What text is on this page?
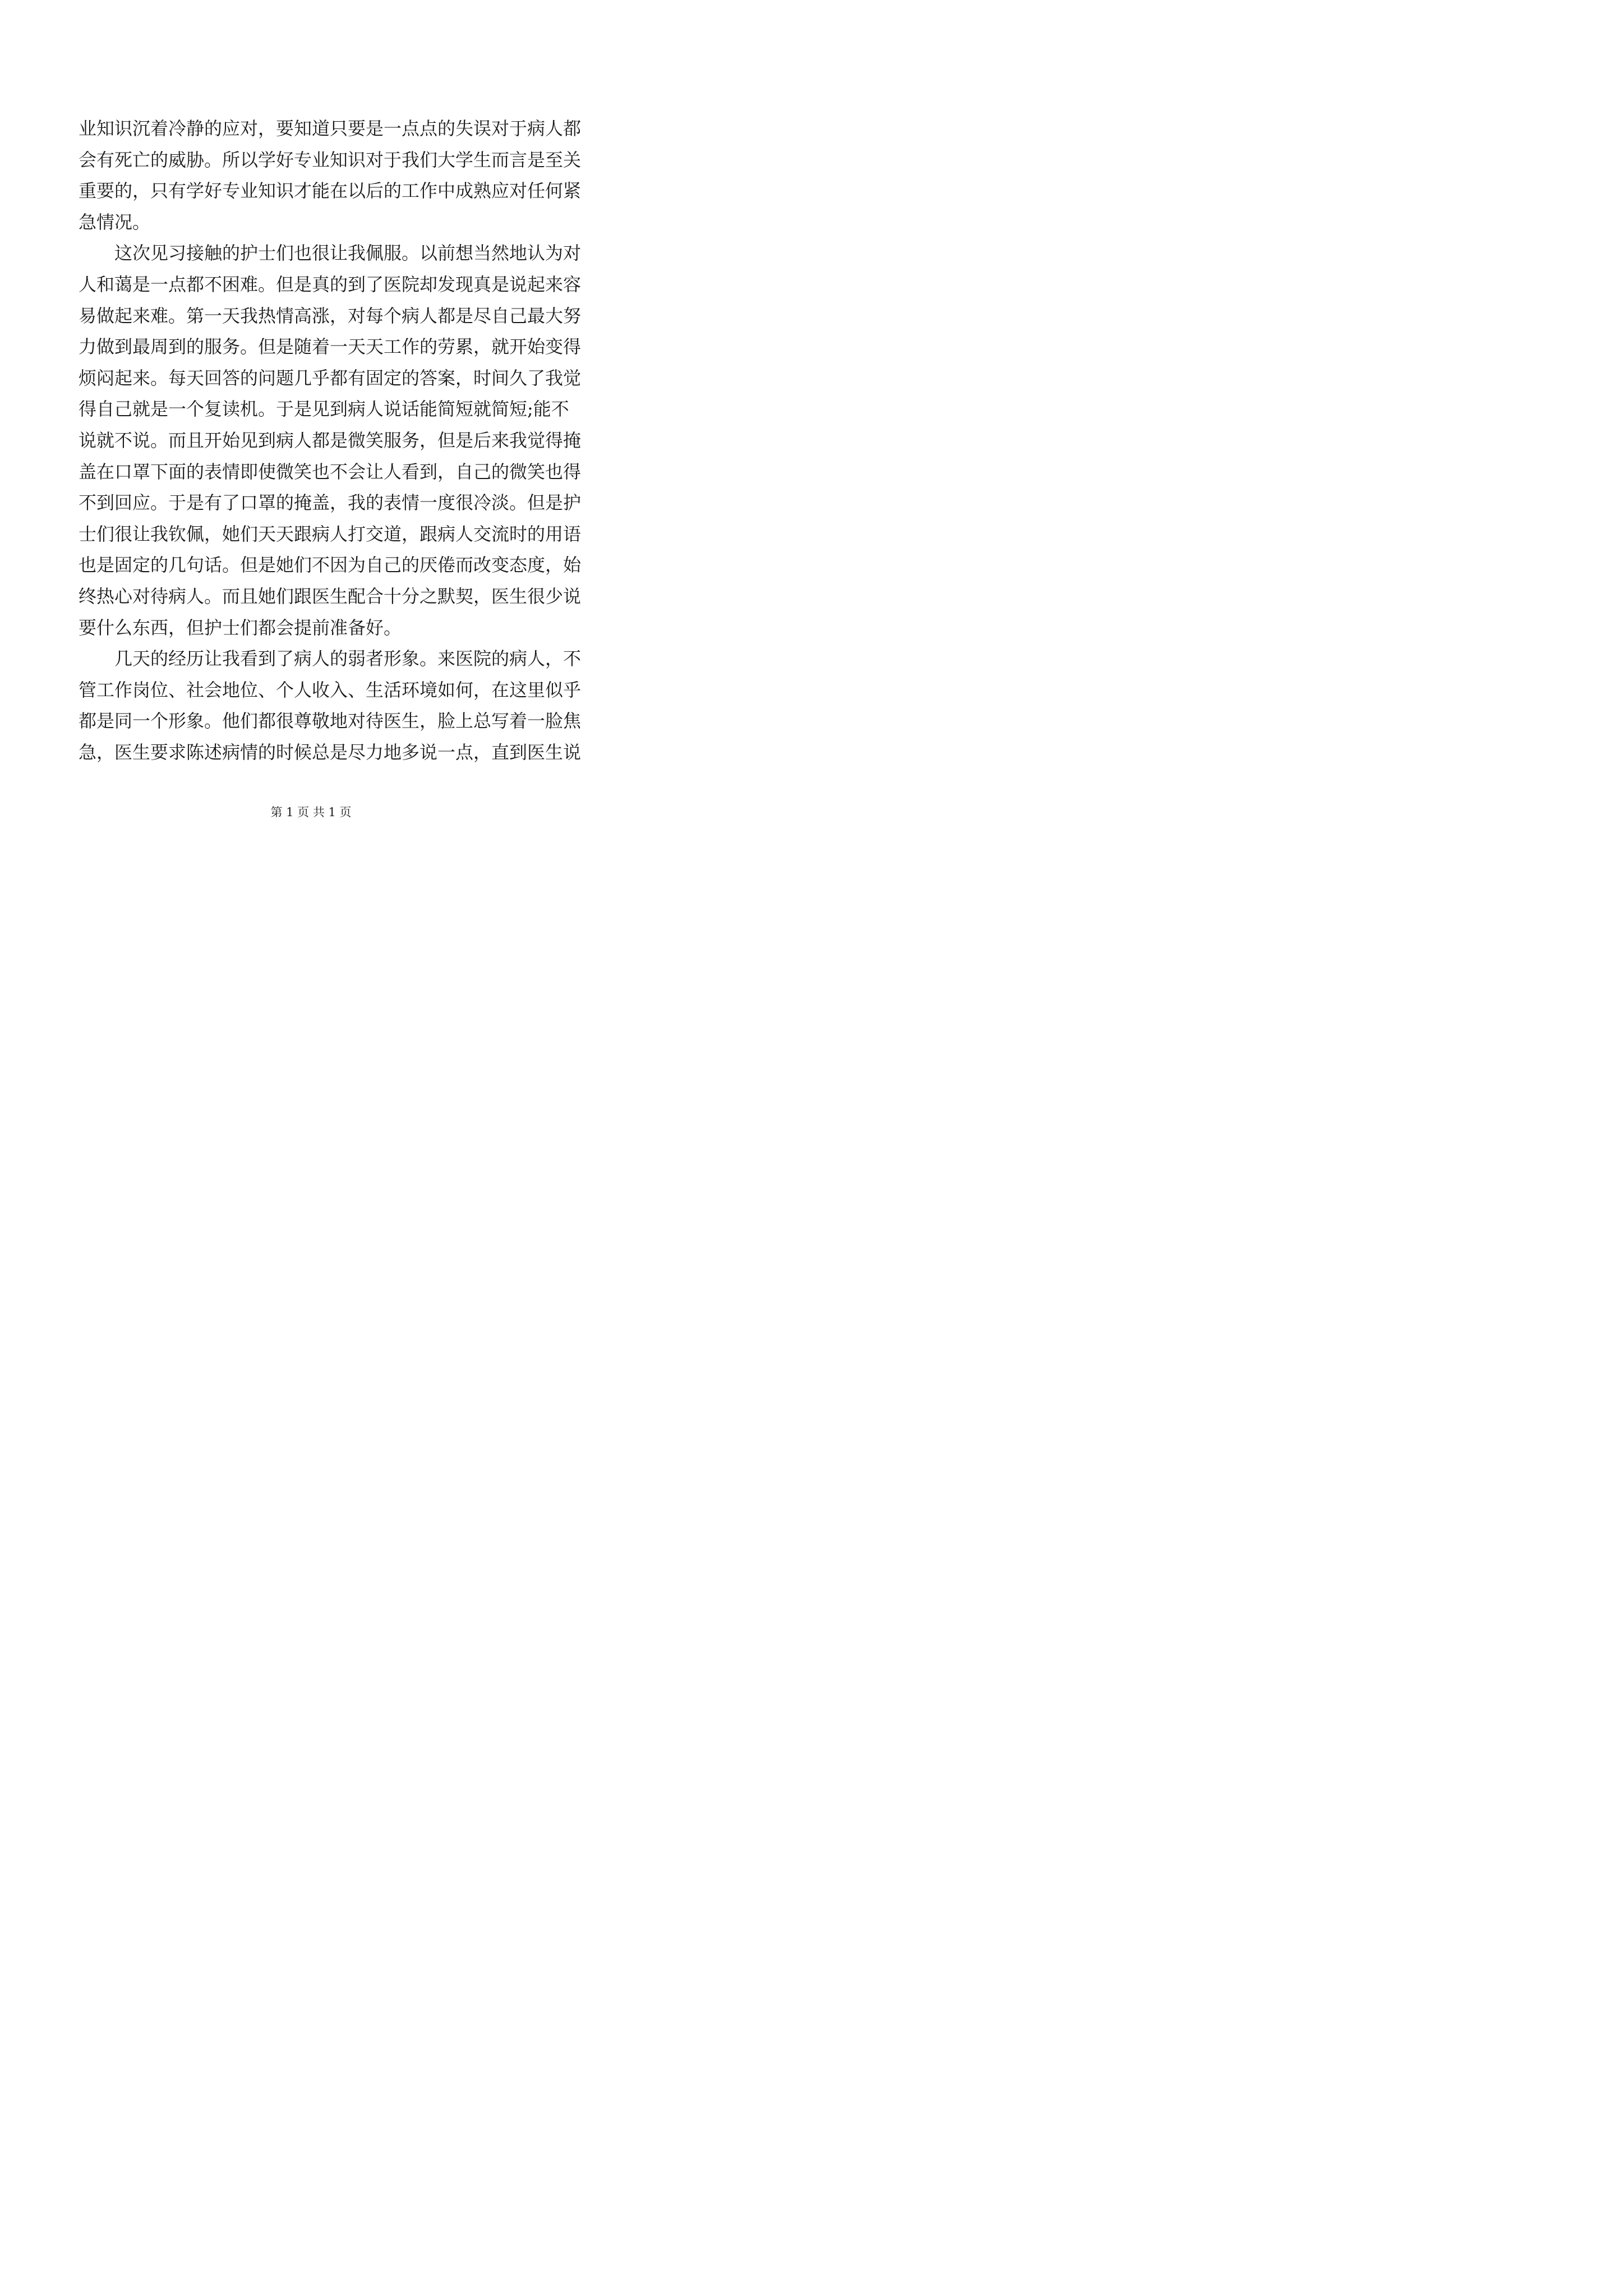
业知识沉着冷静的应对，要知道只要是一点点的失误对于病人都
会有死亡的威胁。所以学好专业知识对于我们大学生而言是至关
重要的，只有学好专业知识才能在以后的工作中成熟应对任何紧
急情况。
这次见习接触的护士们也很让我佩服。以前想当然地认为对
人和蔼是一点都不困难。但是真的到了医院却发现真是说起来容
易做起来难。第一天我热情高涨，对每个病人都是尽自己最大努
力做到最周到的服务。但是随着一天天工作的劳累，就开始变得
烦闷起来。每天回答的问题几乎都有固定的答案，时间久了我觉
得自己就是一个复读机。于是见到病人说话能简短就简短;能不
说就不说。而且开始见到病人都是微笑服务，但是后来我觉得掩
盖在口罩下面的表情即使微笑也不会让人看到，自己的微笑也得
不到回应。于是有了口罩的掩盖，我的表情一度很冷淡。但是护
士们很让我钦佩，她们天天跟病人打交道，跟病人交流时的用语
也是固定的几句话。但是她们不因为自己的厌倦而改变态度，始
终热心对待病人。而且她们跟医生配合十分之默契，医生很少说
要什么东西，但护士们都会提前准备好。
几天的经历让我看到了病人的弱者形象。来医院的病人，不
管工作岗位、社会地位、个人收入、生活环境如何，在这里似乎
都是同一个形象。他们都很尊敬地对待医生，脸上总写着一脸焦
急，医生要求陈述病情的时候总是尽力地多说一点，直到医生说
第 1 页 共 1 页
